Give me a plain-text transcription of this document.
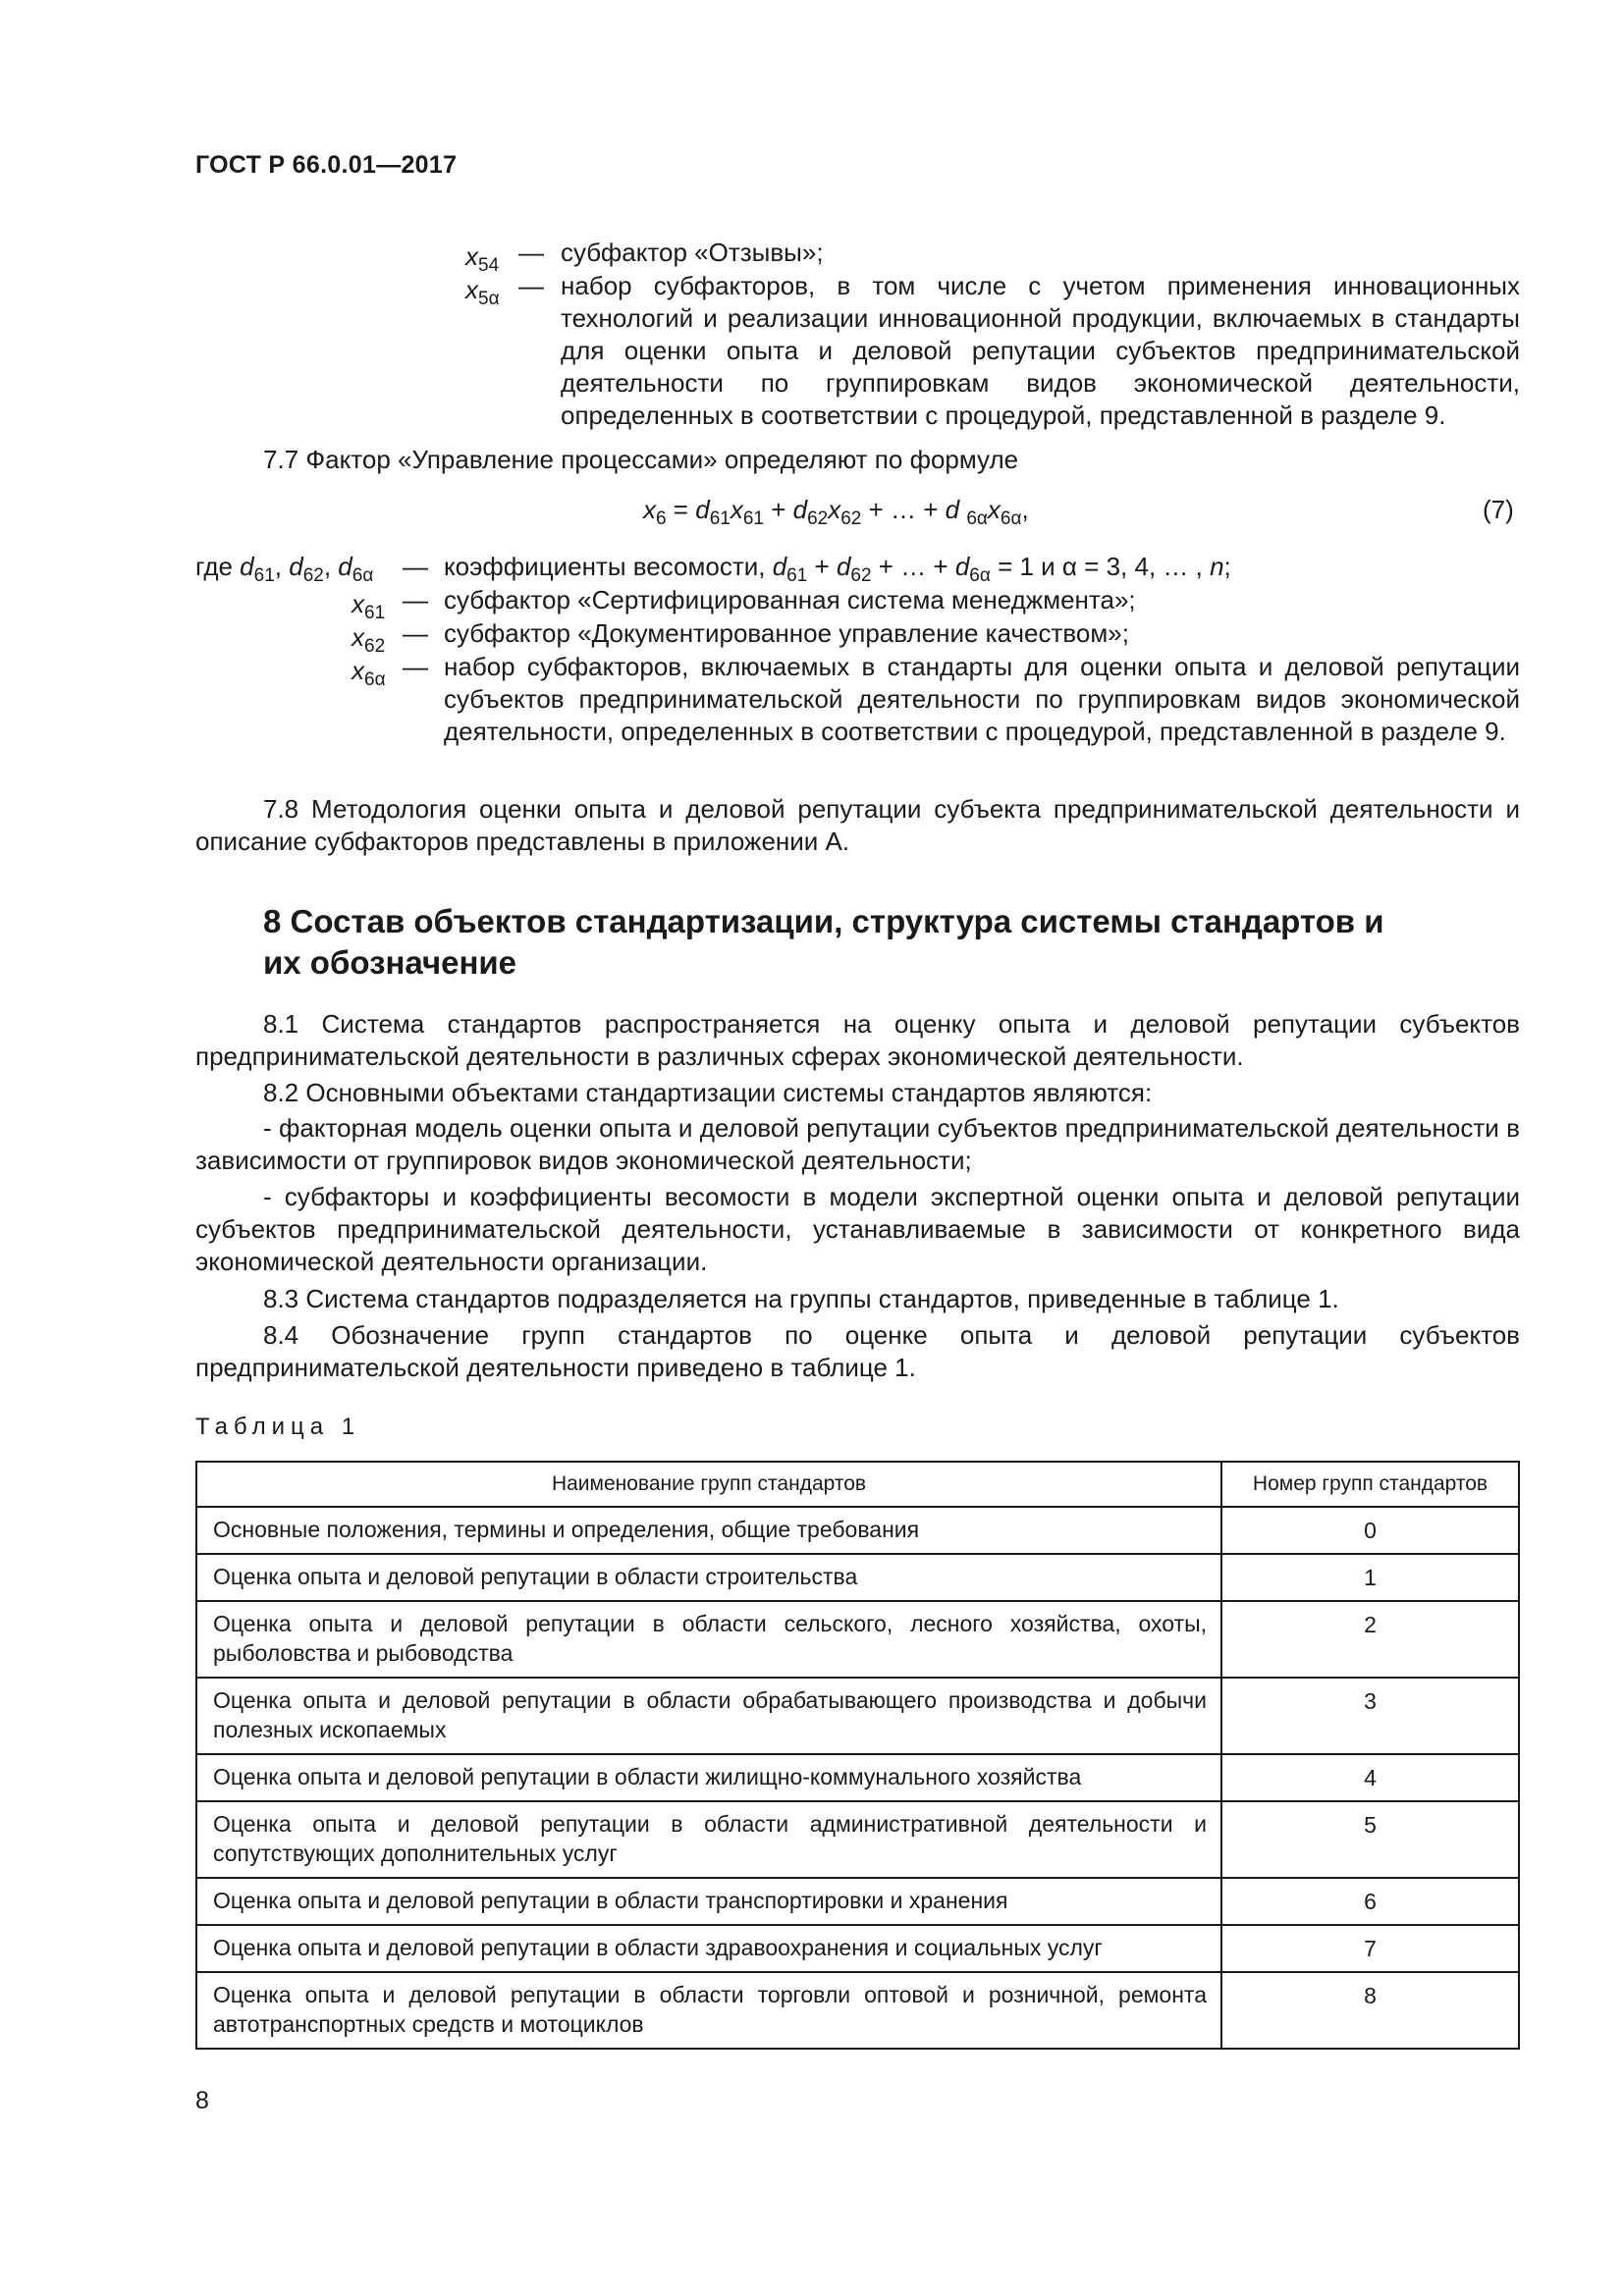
ГОСТ Р 66.0.01—2017
$x_{54}$ — субфактор «Отзывы»;
$x_{5\alpha}$ — набор субфакторов, в том числе с учетом применения инновационных технологий и реализации инновационной продукции, включаемых в стандарты для оценки опыта и деловой репутации субъектов предпринимательской деятельности по группировкам видов экономической деятельности, определенных в соответствии с процедурой, представленной в разделе 9.
7.7 Фактор «Управление процессами» определяют по формуле
$x_6 = d_{61}x_{61} + d_{62}x_{62}$ + … + d $_{6\alpha}x_{6\alpha}$,	(7)
где $d_{61}$, $d_{62}$, $d_{6\alpha}$ — коэффициенты весомости, $d_{61} + d_{62}$ + … + $d_{6\alpha} = 1$ и α = 3, 4, … , n;
$x_{61}$ — субфактор «Сертифицированная система менеджмента»;
$x_{62}$ — субфактор «Документированное управление качеством»;
$x_{6\alpha}$ — набор субфакторов, включаемых в стандарты для оценки опыта и деловой репутации субъектов предпринимательской деятельности по группировкам видов экономической деятельности, определенных в соответствии с процедурой, представленной в разделе 9.
7.8 Методология оценки опыта и деловой репутации субъекта предпринимательской деятельности и описание субфакторов представлены в приложении А.
8 Состав объектов стандартизации, структура системы стандартов и их обозначение
8.1 Система стандартов распространяется на оценку опыта и деловой репутации субъектов предпринимательской деятельности в различных сферах экономической деятельности.
8.2 Основными объектами стандартизации системы стандартов являются:
- факторная модель оценки опыта и деловой репутации субъектов предпринимательской деятельности в зависимости от группировок видов экономической деятельности;
- субфакторы и коэффициенты весомости в модели экспертной оценки опыта и деловой репутации субъектов предпринимательской деятельности, устанавливаемые в зависимости от конкретного вида экономической деятельности организации.
8.3 Система стандартов подразделяется на группы стандартов, приведенные в таблице 1.
8.4 Обозначение групп стандартов по оценке опыта и деловой репутации субъектов предпринимательской деятельности приведено в таблице 1.
Таблица 1
Наименование групп стандартов	Номер групп стандартов
Основные положения, термины и определения, общие требования	0
Оценка опыта и деловой репутации в области строительства	1
Оценка опыта и деловой репутации в области сельского, лесного хозяйства, охоты, рыболовства и рыбоводства	2
Оценка опыта и деловой репутации в области обрабатывающего производства и добычи полезных ископаемых	3
Оценка опыта и деловой репутации в области жилищно-коммунального хозяйства	4
Оценка опыта и деловой репутации в области административной деятельности и сопутствующих дополнительных услуг	5
Оценка опыта и деловой репутации в области транспортировки и хранения	6
Оценка опыта и деловой репутации в области здравоохранения и социальных услуг	7
Оценка опыта и деловой репутации в области торговли оптовой и розничной, ремонта автотранспортных средств и мотоциклов	8
8
